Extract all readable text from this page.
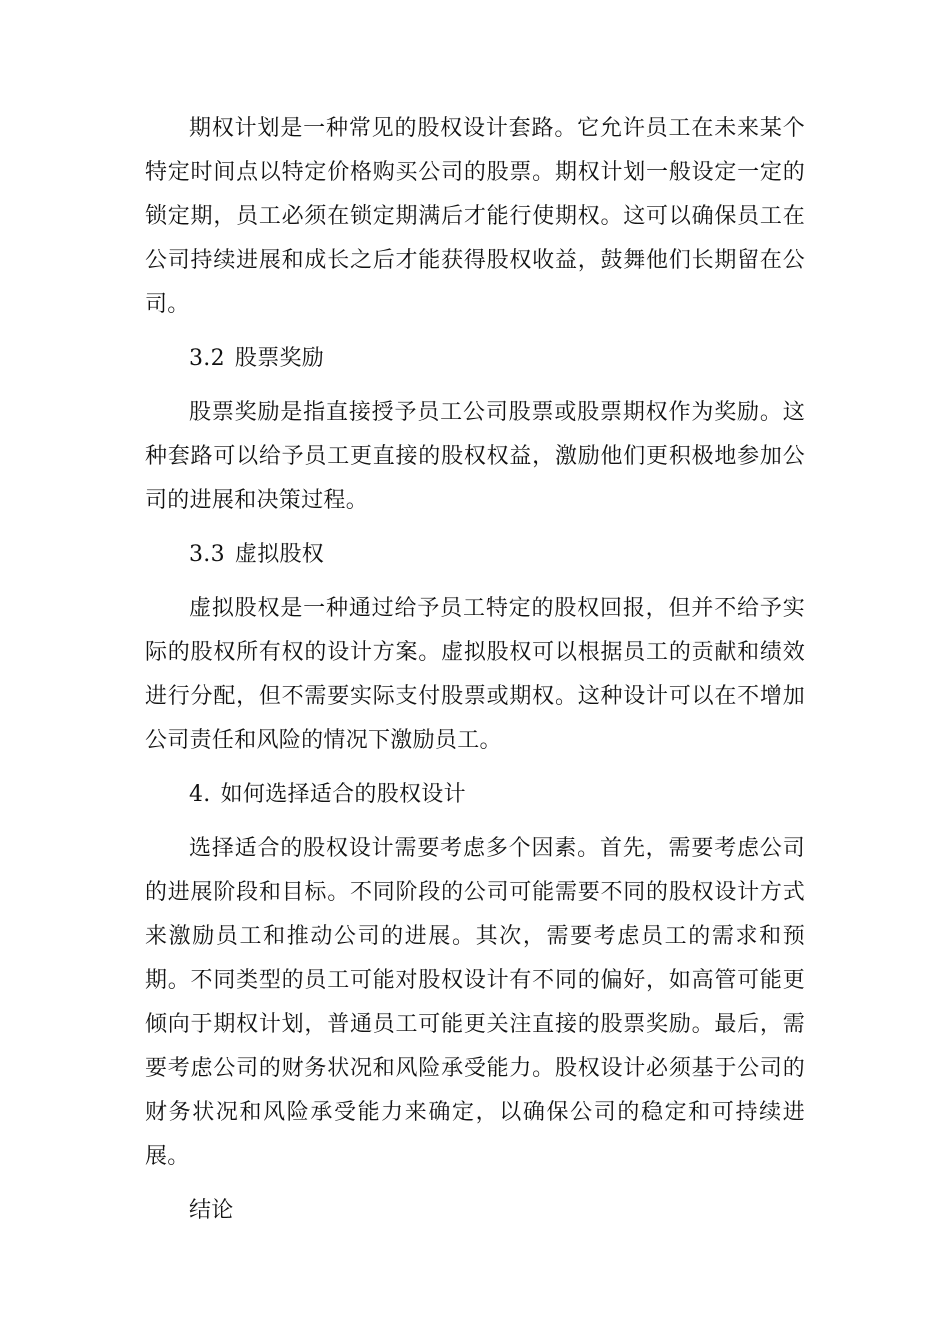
期权计划是一种常见的股权设计套路。它允许员工在未来某个特定时间点以特定价格购买公司的股票。期权计划一般设定一定的锁定期，员工必须在锁定期满后才能行使期权。这可以确保员工在公司持续进展和成长之后才能获得股权收益，鼓舞他们长期留在公司。

3.2 股票奖励

股票奖励是指直接授予员工公司股票或股票期权作为奖励。这种套路可以给予员工更直接的股权权益，激励他们更积极地参加公司的进展和决策过程。

3.3 虚拟股权

虚拟股权是一种通过给予员工特定的股权回报，但并不给予实际的股权所有权的设计方案。虚拟股权可以根据员工的贡献和绩效进行分配，但不需要实际支付股票或期权。这种设计可以在不增加公司责任和风险的情况下激励员工。

4. 如何选择适合的股权设计

选择适合的股权设计需要考虑多个因素。首先，需要考虑公司的进展阶段和目标。不同阶段的公司可能需要不同的股权设计方式来激励员工和推动公司的进展。其次，需要考虑员工的需求和预期。不同类型的员工可能对股权设计有不同的偏好，如高管可能更倾向于期权计划，普通员工可能更关注直接的股票奖励。最后，需要考虑公司的财务状况和风险承受能力。股权设计必须基于公司的财务状况和风险承受能力来确定，以确保公司的稳定和可持续进展。

结论
